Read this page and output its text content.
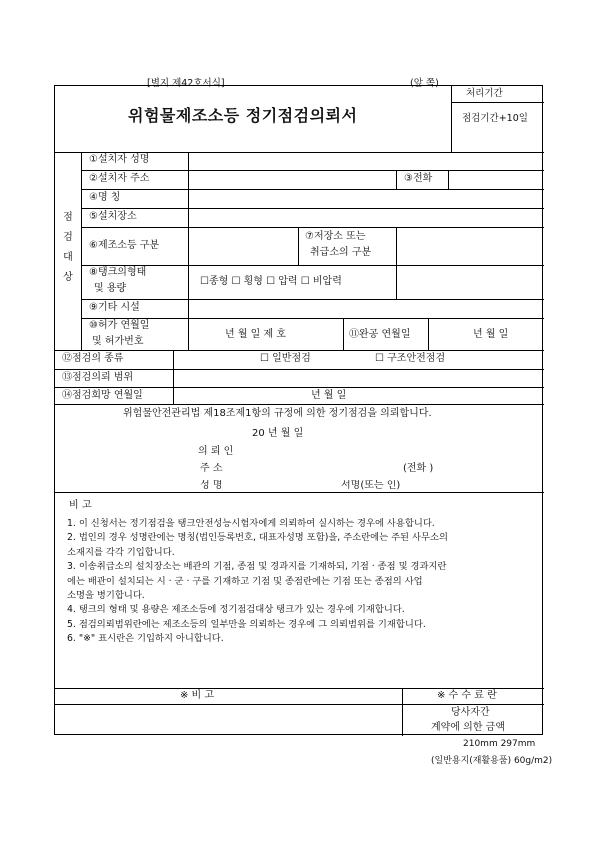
[별지 제42호서식]	(앞 쪽)
위험물제조소등 정기점검의뢰서
처리기간
점검기간+10일
점
검
대
상
①설치자 성명
②설치자 주소	③전화
④명 칭
⑤설치장소
⑥제조소등 구분
⑦저장소 또는
취급소의 구분
⑧탱크의형태
및 용량
☐종형 ☐ 횡형 ☐ 압력 ☐ 비압력
⑨기타 시설
⑩허가 연월일
및 허가번호
년 월 일 제 호	⑪완공 연월일	년 월 일
⑫점검의 종류	☐ 일반점검	☐ 구조안전점검
⑬점검의뢰 범위
⑭점검희망 연월일	년 월 일
위험물안전관리법 제18조제1항의 규정에 의한 정기점검을 의뢰합니다.
20 년 월 일
의 뢰 인
주 소	(전화 )
성 명	서명(또는 인)
비 고
1. 이 신청서는 정기점검을 탱크안전성능시험자에게 의뢰하여 실시하는 경우에 사용합니다.
2. 법인의 경우 성명란에는 명칭(법인등록번호, 대표자성명 포함)을, 주소란에는 주된 사무소의
소재지를 각각 기입합니다.
3. 이송취급소의 설치장소는 배관의 기점, 종점 및 경과지를 기재하되, 기점 · 종점 및 경과지란
에는 배관이 설치되는 시 · 군 · 구를 기재하고 기점 및 종점란에는 기점 또는 종점의 사업
소명을 병기합니다.
4. 탱크의 형태 및 용량은 제조소등에 정기점검대상 탱크가 있는 경우에 기재합니다.
5. 점검의뢰범위란에는 제조소등의 일부만을 의뢰하는 경우에 그 의뢰범위를 기재합니다.
6. "※" 표시란은 기입하지 아니합니다.
※ 비 고	※ 수 수 료 란
당사자간
계약에 의한 금액
210mm 297mm
(일반용지(재활용품) 60g/m2)
